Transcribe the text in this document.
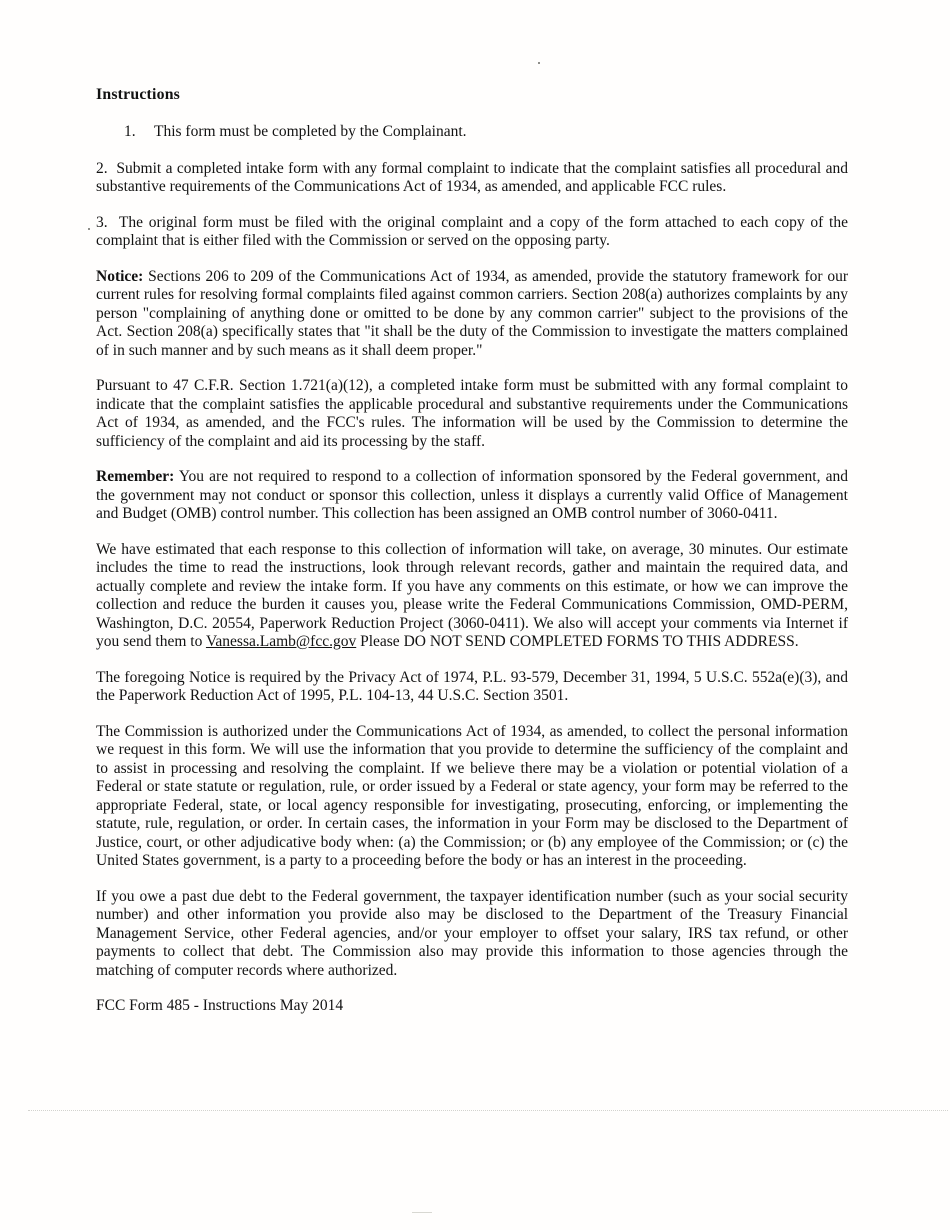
Instructions

1. This form must be completed by the Complainant.

2. Submit a completed intake form with any formal complaint to indicate that the complaint satisfies all procedural and substantive requirements of the Communications Act of 1934, as amended, and applicable FCC rules.

3. The original form must be filed with the original complaint and a copy of the form attached to each copy of the complaint that is either filed with the Commission or served on the opposing party.

Notice: Sections 206 to 209 of the Communications Act of 1934, as amended, provide the statutory framework for our current rules for resolving formal complaints filed against common carriers. Section 208(a) authorizes complaints by any person "complaining of anything done or omitted to be done by any common carrier" subject to the provisions of the Act. Section 208(a) specifically states that "it shall be the duty of the Commission to investigate the matters complained of in such manner and by such means as it shall deem proper."

Pursuant to 47 C.F.R. Section 1.721(a)(12), a completed intake form must be submitted with any formal complaint to indicate that the complaint satisfies the applicable procedural and substantive requirements under the Communications Act of 1934, as amended, and the FCC's rules. The information will be used by the Commission to determine the sufficiency of the complaint and aid its processing by the staff.

Remember: You are not required to respond to a collection of information sponsored by the Federal government, and the government may not conduct or sponsor this collection, unless it displays a currently valid Office of Management and Budget (OMB) control number. This collection has been assigned an OMB control number of 3060-0411.

We have estimated that each response to this collection of information will take, on average, 30 minutes. Our estimate includes the time to read the instructions, look through relevant records, gather and maintain the required data, and actually complete and review the intake form. If you have any comments on this estimate, or how we can improve the collection and reduce the burden it causes you, please write the Federal Communications Commission, OMD-PERM, Washington, D.C. 20554, Paperwork Reduction Project (3060-0411). We also will accept your comments via Internet if you send them to Vanessa.Lamb@fcc.gov Please DO NOT SEND COMPLETED FORMS TO THIS ADDRESS.

The foregoing Notice is required by the Privacy Act of 1974, P.L. 93-579, December 31, 1994, 5 U.S.C. 552a(e)(3), and the Paperwork Reduction Act of 1995, P.L. 104-13, 44 U.S.C. Section 3501.

The Commission is authorized under the Communications Act of 1934, as amended, to collect the personal information we request in this form. We will use the information that you provide to determine the sufficiency of the complaint and to assist in processing and resolving the complaint. If we believe there may be a violation or potential violation of a Federal or state statute or regulation, rule, or order issued by a Federal or state agency, your form may be referred to the appropriate Federal, state, or local agency responsible for investigating, prosecuting, enforcing, or implementing the statute, rule, regulation, or order. In certain cases, the information in your Form may be disclosed to the Department of Justice, court, or other adjudicative body when: (a) the Commission; or (b) any employee of the Commission; or (c) the United States government, is a party to a proceeding before the body or has an interest in the proceeding.

If you owe a past due debt to the Federal government, the taxpayer identification number (such as your social security number) and other information you provide also may be disclosed to the Department of the Treasury Financial Management Service, other Federal agencies, and/or your employer to offset your salary, IRS tax refund, or other payments to collect that debt. The Commission also may provide this information to those agencies through the matching of computer records where authorized.

FCC Form 485 - Instructions May 2014
